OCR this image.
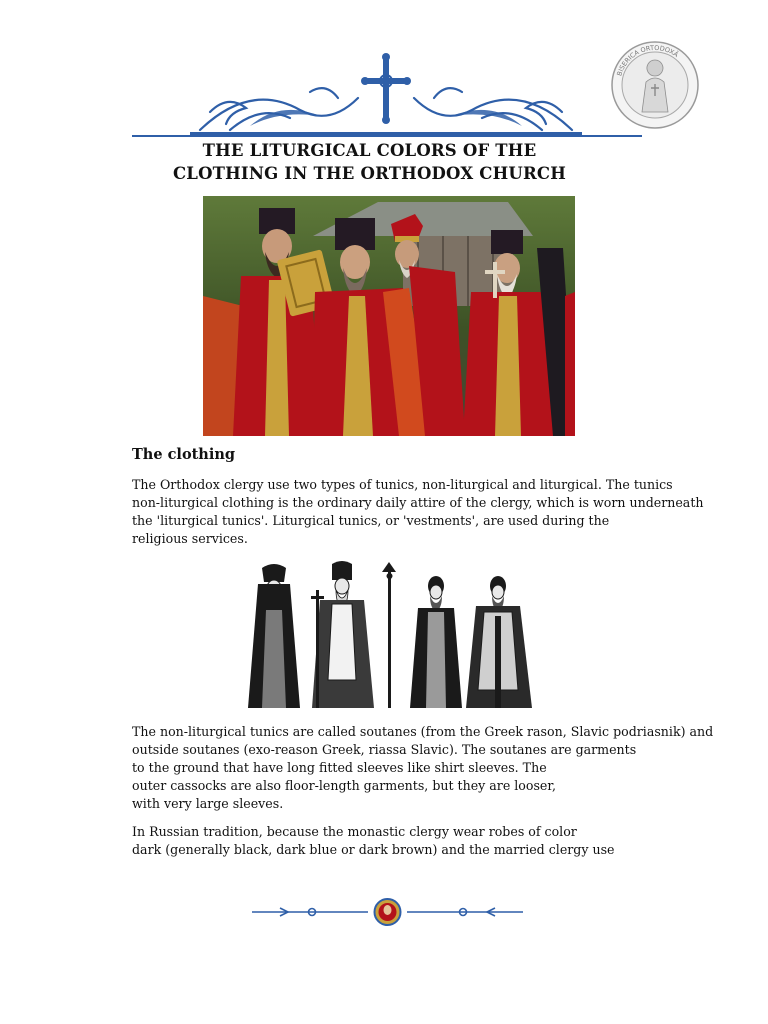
BISERICA ORTODOXĂ
THE LITURGICAL COLORS OF THE
CLOTHING IN THE ORTHODOX CHURCH
The clothing
The Orthodox clergy use two types of tunics, non-liturgical and liturgical. The tunics
non-liturgical clothing is the ordinary daily attire of the clergy, which is worn underneath
the 'liturgical tunics'. Liturgical tunics, or 'vestments', are used during the
religious services.
The non-liturgical tunics are called soutanes (from the Greek rason, Slavic podriasnik) and
outside soutanes (exo-reason Greek, riassa Slavic). The soutanes are garments
to the ground that have long fitted sleeves like shirt sleeves. The
outer cassocks are also floor-length garments, but they are looser,
with very large sleeves.
In Russian tradition, because the monastic clergy wear robes of color
dark (generally black, dark blue or dark brown) and the married clergy use
